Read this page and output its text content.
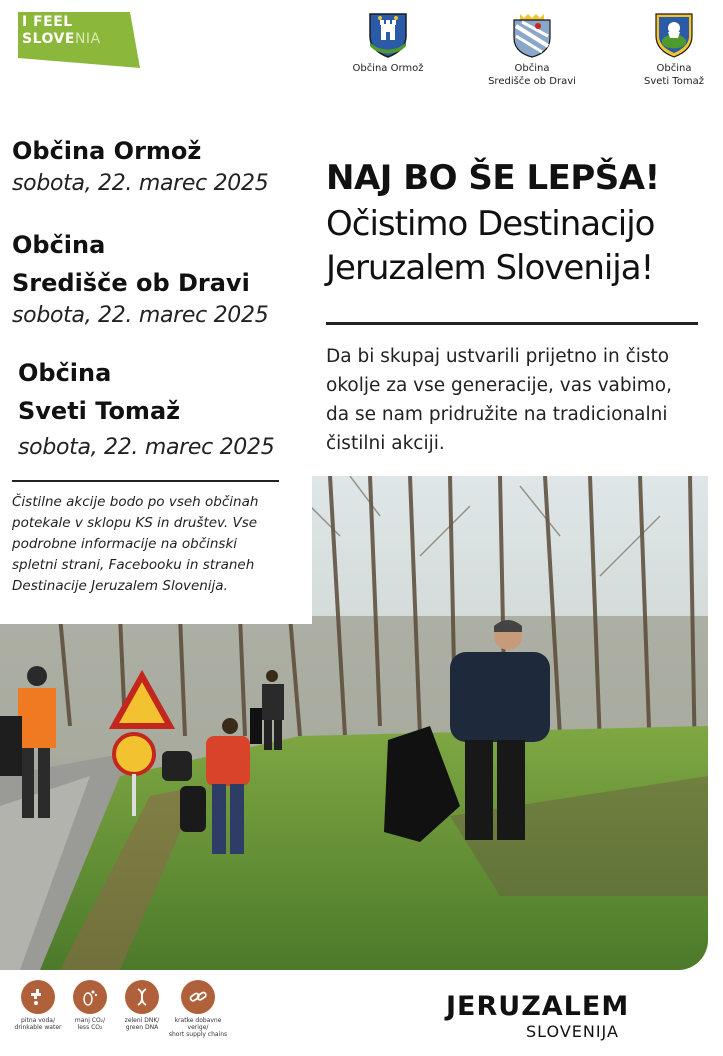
I FEEL
SLOVENIA
Občina Ormož	Občina
Središče ob Dravi
Občina
Sveti Tomaž
Občina Ormož
sobota, 22. marec 2025
Občina
Središče ob Dravi
sobota, 22. marec 2025
Občina
Sveti Tomaž
sobota, 22. marec 2025
NAJ BO ŠE LEPŠA!
Očistimo Destinacijo
Jeruzalem Slovenija!
Da bi skupaj ustvarili prijetno in čisto
okolje za vse generacije, vas vabimo,
da se nam pridružite na tradicionalni
čistilni akciji.
Čistilne akcije bodo po vseh občinah
potekale v sklopu KS in društev. Vse
podrobne informacije na občinski
spletni strani, Facebooku in straneh
Destinacije Jeruzalem Slovenija.
pitna voda/
drinkable water
manj CO₂/
less CO₂
zeleni DNK/
green DNA
kratke dobavne verige/
short supply chains
JERUZALEM
SLOVENIJA
